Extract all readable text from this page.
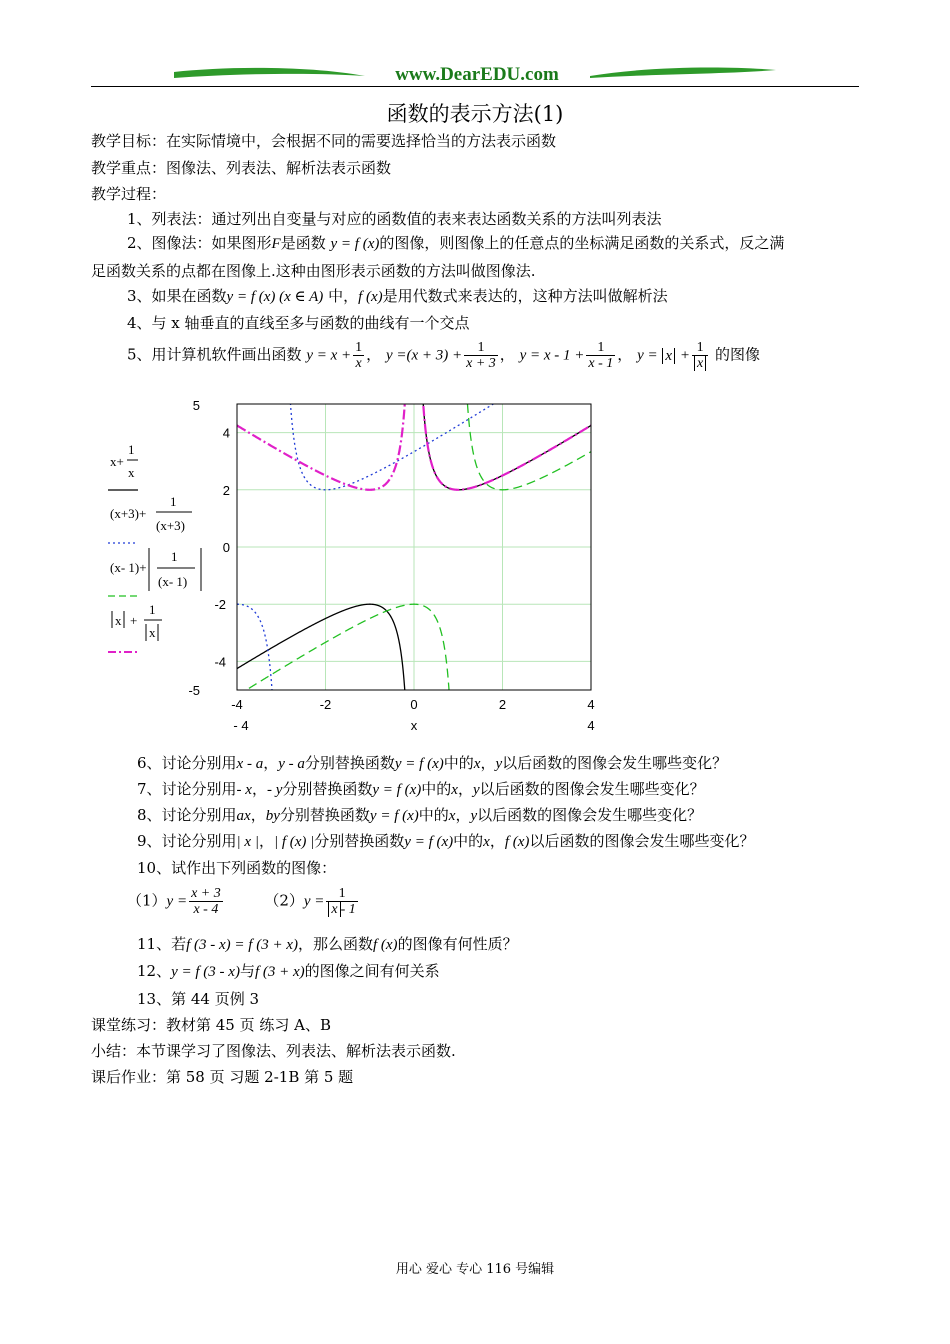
www.DearEDU.com
函数的表示方法(1)
教学目标：在实际情境中，会根据不同的需要选择恰当的方法表示函数
教学重点：图像法、列表法、解析法表示函数
教学过程：
1、列表法：通过列出自变量与对应的函数值的表来表达函数关系的方法叫列表法
2、图像法：如果图形F是函数 y = f (x)的图像，则图像上的任意点的坐标满足函数的关系式，反之满
足函数关系的点都在图像上.这种由图形表示函数的方法叫做图像法.
3、如果在函数y = f (x) (x ∈ A) 中，f (x)是用代数式来表达的，这种方法叫做解析法
4、与 x 轴垂直的直线至多与函数的曲线有一个交点
5、用计算机软件画出函数 $y = x + \frac{1}{x}$ ， $y =(x + 3) + \frac{1}{x + 3}$ ， $y = x - 1 + \frac{1}{x - 1}$ ， $y = x + \frac{1}{x}$ 的图像
5
4
2
0
-2
-4
-5
-4	-2	0	2	4
- 4	4
x
x+
1
x
(x+3)+
1
(x+3)
(x- 1)+
1
(x- 1)
x +
1
x
6、讨论分别用x - a，y - a分别替换函数y = f (x)中的x，y以后函数的图像会发生哪些变化？
7、讨论分别用- x，- y分别替换函数y = f (x)中的x，y以后函数的图像会发生哪些变化？
8、讨论分别用ax，by分别替换函数y = f (x)中的x，y以后函数的图像会发生哪些变化？
9、讨论分别用| x |，| f (x) |分别替换函数y = f (x)中的x，f (x)以后函数的图像会发生哪些变化？
10、试作出下列函数的图像：
$(1)y = \frac{x + 3}{x - 4}$	$(2)y = \frac{1}{x - 1}$
11、若f (3 - x) = f (3 + x)，那么函数f (x)的图像有何性质？
12、y = f (3 - x)与f (3 + x)的图像之间有何关系
13、第 44 页例 3
课堂练习：教材第 45 页 练习 A、B
小结：本节课学习了图像法、列表法、解析法表示函数.
课后作业：第 58 页 习题 2-1B 第 5 题
用心 爱心 专心 116 号编辑
